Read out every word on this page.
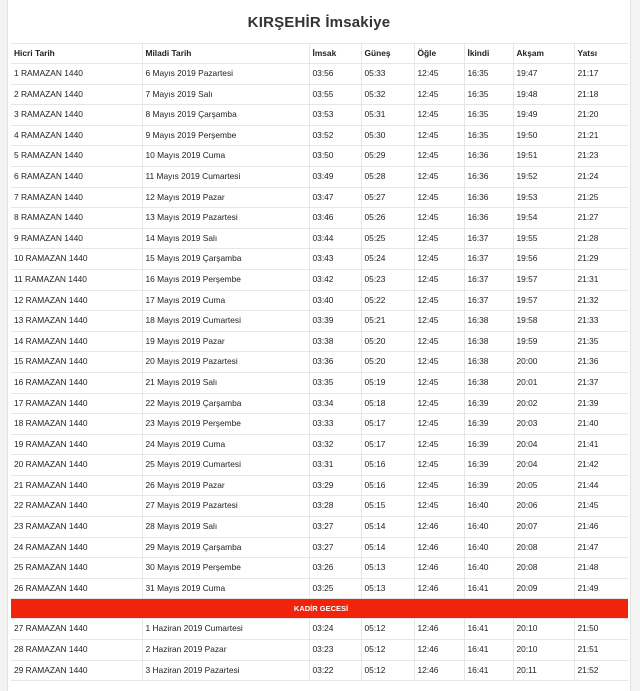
KIRŞEHİR İmsakiye
Hicri Tarih	Miladi Tarih	İmsak	Güneş	Öğle	İkindi	Akşam	Yatsı
1 RAMAZAN 1440	6 Mayıs 2019 Pazartesi	03:56	05:33	12:45	16:35	19:47	21:17
2 RAMAZAN 1440	7 Mayıs 2019 Salı	03:55	05:32	12:45	16:35	19:48	21:18
3 RAMAZAN 1440	8 Mayıs 2019 Çarşamba	03:53	05:31	12:45	16:35	19:49	21:20
4 RAMAZAN 1440	9 Mayıs 2019 Perşembe	03:52	05:30	12:45	16:35	19:50	21:21
5 RAMAZAN 1440	10 Mayıs 2019 Cuma	03:50	05:29	12:45	16:36	19:51	21:23
6 RAMAZAN 1440	11 Mayıs 2019 Cumartesi	03:49	05:28	12:45	16:36	19:52	21:24
7 RAMAZAN 1440	12 Mayıs 2019 Pazar	03:47	05:27	12:45	16:36	19:53	21:25
8 RAMAZAN 1440	13 Mayıs 2019 Pazartesi	03:46	05:26	12:45	16:36	19:54	21:27
9 RAMAZAN 1440	14 Mayıs 2019 Salı	03:44	05:25	12:45	16:37	19:55	21:28
10 RAMAZAN 1440	15 Mayıs 2019 Çarşamba	03:43	05:24	12:45	16:37	19:56	21:29
11 RAMAZAN 1440	16 Mayıs 2019 Perşembe	03:42	05:23	12:45	16:37	19:57	21:31
12 RAMAZAN 1440	17 Mayıs 2019 Cuma	03:40	05:22	12:45	16:37	19:57	21:32
13 RAMAZAN 1440	18 Mayıs 2019 Cumartesi	03:39	05:21	12:45	16:38	19:58	21:33
14 RAMAZAN 1440	19 Mayıs 2019 Pazar	03:38	05:20	12:45	16:38	19:59	21:35
15 RAMAZAN 1440	20 Mayıs 2019 Pazartesi	03:36	05:20	12:45	16:38	20:00	21:36
16 RAMAZAN 1440	21 Mayıs 2019 Salı	03:35	05:19	12:45	16:38	20:01	21:37
17 RAMAZAN 1440	22 Mayıs 2019 Çarşamba	03:34	05:18	12:45	16:39	20:02	21:39
18 RAMAZAN 1440	23 Mayıs 2019 Perşembe	03:33	05:17	12:45	16:39	20:03	21:40
19 RAMAZAN 1440	24 Mayıs 2019 Cuma	03:32	05:17	12:45	16:39	20:04	21:41
20 RAMAZAN 1440	25 Mayıs 2019 Cumartesi	03:31	05:16	12:45	16:39	20:04	21:42
21 RAMAZAN 1440	26 Mayıs 2019 Pazar	03:29	05:16	12:45	16:39	20:05	21:44
22 RAMAZAN 1440	27 Mayıs 2019 Pazartesi	03:28	05:15	12:45	16:40	20:06	21:45
23 RAMAZAN 1440	28 Mayıs 2019 Salı	03:27	05:14	12:46	16:40	20:07	21:46
24 RAMAZAN 1440	29 Mayıs 2019 Çarşamba	03:27	05:14	12:46	16:40	20:08	21:47
25 RAMAZAN 1440	30 Mayıs 2019 Perşembe	03:26	05:13	12:46	16:40	20:08	21:48
26 RAMAZAN 1440	31 Mayıs 2019 Cuma	03:25	05:13	12:46	16:41	20:09	21:49
KADİR GECESİ							
27 RAMAZAN 1440	1 Haziran 2019 Cumartesi	03:24	05:12	12:46	16:41	20:10	21:50
28 RAMAZAN 1440	2 Haziran 2019 Pazar	03:23	05:12	12:46	16:41	20:10	21:51
29 RAMAZAN 1440	3 Haziran 2019 Pazartesi	03:22	05:12	12:46	16:41	20:11	21:52
